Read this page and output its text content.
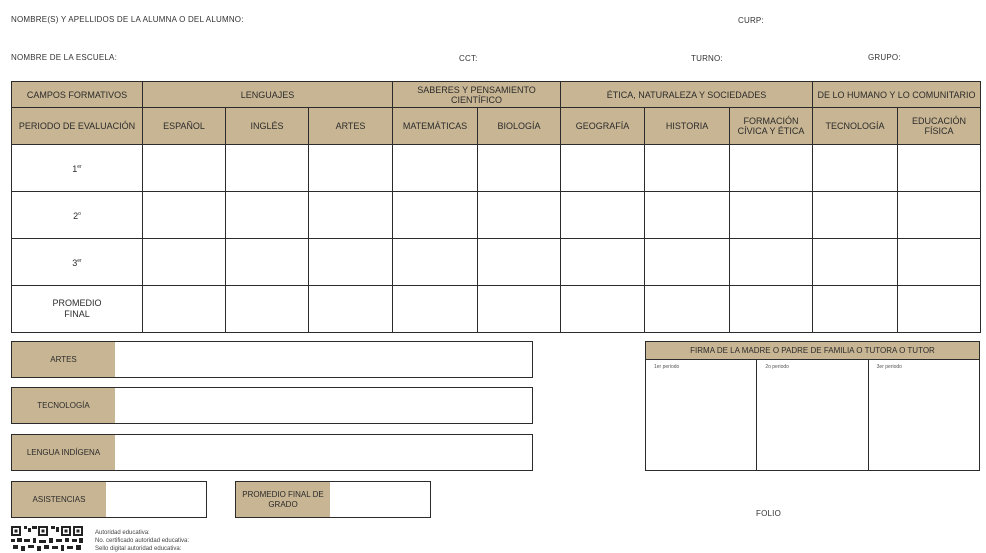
NOMBRE(S) Y APELLIDOS DE LA ALUMNA O DEL ALUMNO:	CURP:
NOMBRE DE LA ESCUELA:	CCT:	TURNO:	GRUPO:
CAMPOS FORMATIVOS	LENGUAJES			SABERES Y PENSAMIENTO CIENTÍFICO		ÉTICA, NATURALEZA Y SOCIEDADES			DE LO HUMANO Y LO COMUNITARIO	
PERIODO DE EVALUACIÓN	ESPAÑOL	INGLÉS	ARTES	MATEMÁTICAS	BIOLOGÍA	GEOGRAFÍA	HISTORIA	FORMACIÓN CÍVICA Y ÉTICA	TECNOLOGÍA	EDUCACIÓN FÍSICA
1er										
2$^o$										
3er										
PROMEDIO FINAL										
ARTES
TECNOLOGÍA
LENGUA INDÍGENA
ASISTENCIAS
PROMEDIO FINAL DE GRADO
FIRMA DE LA MADRE O PADRE DE FAMILIA O TUTORA O TUTOR
1er periodo	2o periodo	3er periodo
FOLIO
Autoridad educativa:
No. certificado autoridad educativa:
Sello digital autoridad educativa:
